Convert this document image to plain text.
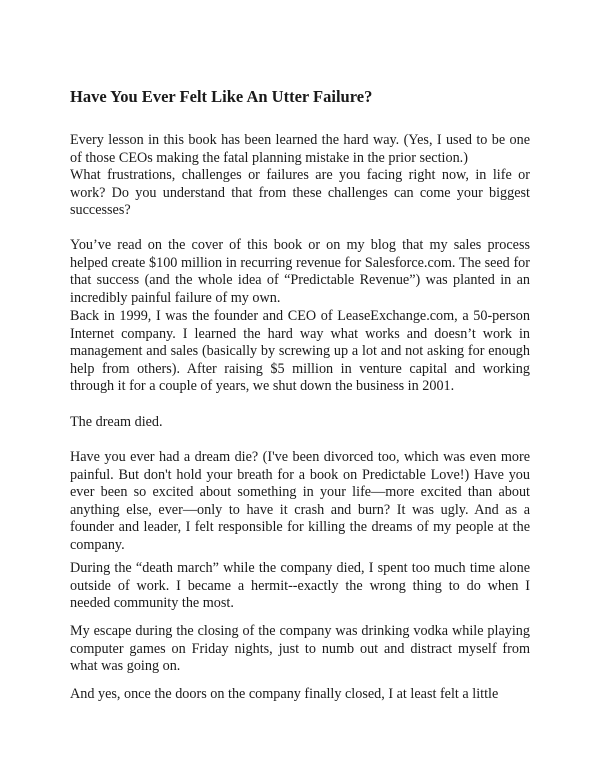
Have You Ever Felt Like An Utter Failure?

Every lesson in this book has been learned the hard way. (Yes, I used to be one of those CEOs making the fatal planning mistake in the prior section.)
What frustrations, challenges or failures are you facing right now, in life or work? Do you understand that from these challenges can come your biggest successes?

You’ve read on the cover of this book or on my blog that my sales process helped create $100 million in recurring revenue for Salesforce.com. The seed for that success (and the whole idea of “Predictable Revenue”) was planted in an incredibly painful failure of my own.

Back in 1999, I was the founder and CEO of LeaseExchange.com, a 50-person Internet company. I learned the hard way what works and doesn’t work in management and sales (basically by screwing up a lot and not asking for enough help from others). After raising $5 million in venture capital and working through it for a couple of years, we shut down the business in 2001.

The dream died.

Have you ever had a dream die? (I've been divorced too, which was even more painful. But don't hold your breath for a book on Predictable Love!) Have you ever been so excited about something in your life—more excited than about anything else, ever—only to have it crash and burn? It was ugly. And as a founder and leader, I felt responsible for killing the dreams of my people at the company.

During the “death march” while the company died, I spent too much time alone outside of work. I became a hermit--exactly the wrong thing to do when I needed community the most.

My escape during the closing of the company was drinking vodka while playing computer games on Friday nights, just to numb out and distract myself from what was going on.

And yes, once the doors on the company finally closed, I at least felt a little
